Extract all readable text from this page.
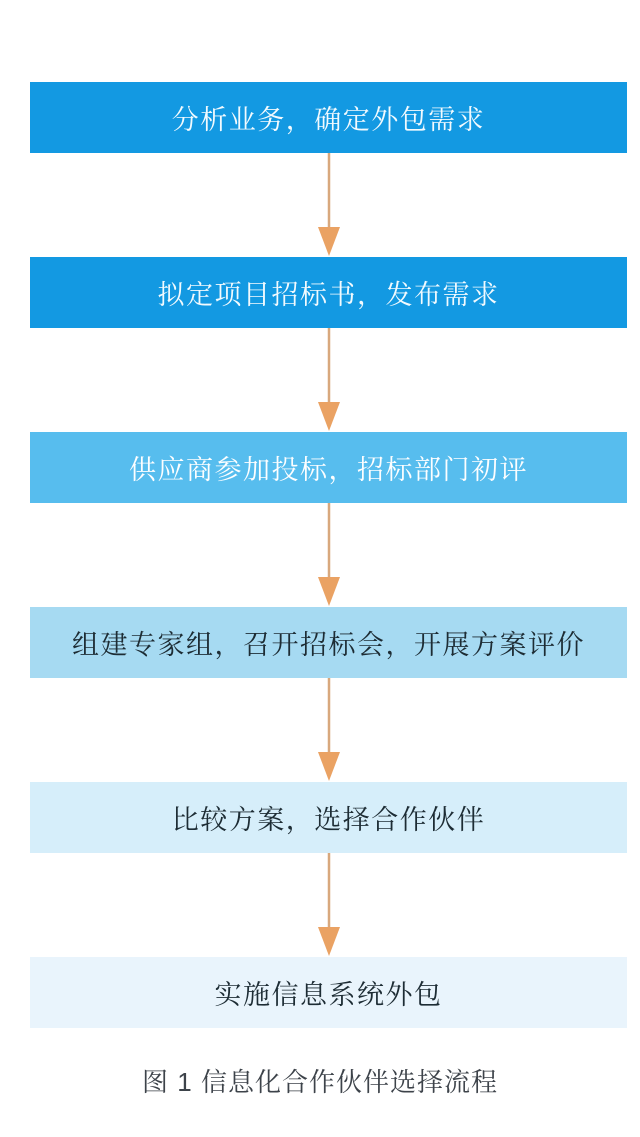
分析业务，确定外包需求
拟定项目招标书，发布需求
供应商参加投标，招标部门初评
组建专家组，召开招标会，开展方案评价
比较方案，选择合作伙伴
实施信息系统外包
图 1 信息化合作伙伴选择流程
